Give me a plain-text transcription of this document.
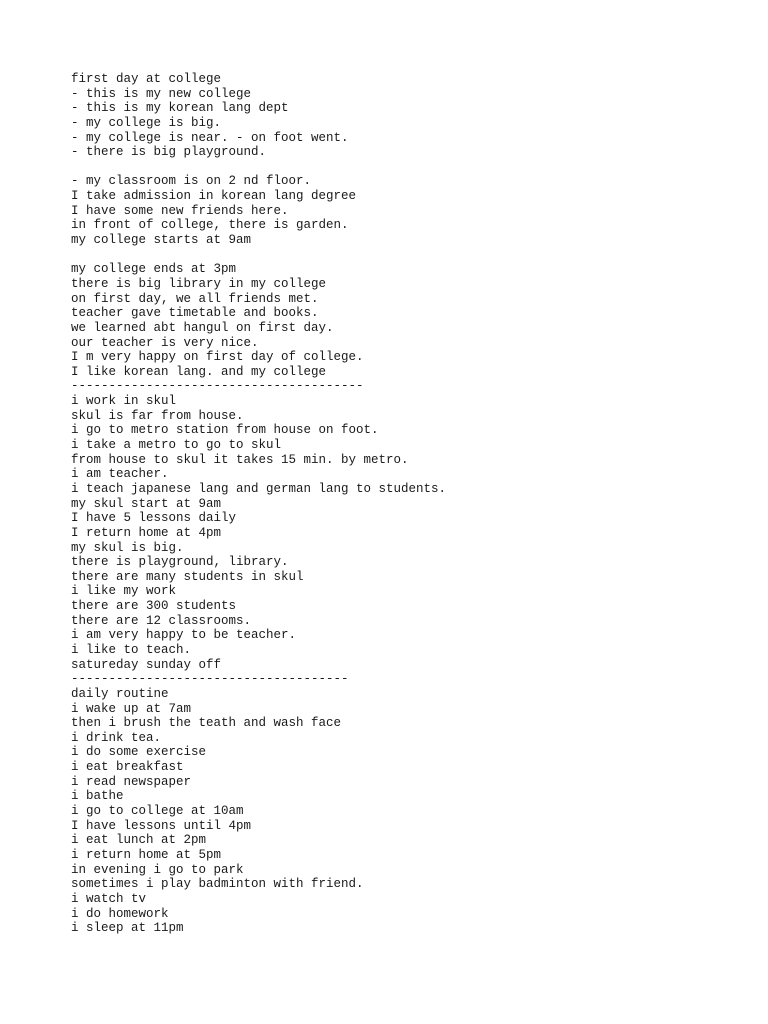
first day at college
- this is my new college
- this is my korean lang dept
- my college is big.
- my college is near. - on foot went.
- there is big playground.
- my classroom is on 2 nd floor.
I take admission in korean lang degree
I have some new friends here.
in front of college, there is garden.
my college starts at 9am
my college ends at 3pm
there is big library in my college
on first day, we all friends met.
teacher gave timetable and books.
we learned abt hangul on first day.
our teacher is very nice.
I m very happy on first day of college.
I like korean lang. and my college
---------------------------------------
i work in skul
skul is far from house.
i go to metro station from house on foot.
i take a metro to go to skul
from house to skul it takes 15 min. by metro.
i am teacher.
i teach japanese lang and german lang to students.
my skul start at 9am
I have 5 lessons daily
I return home at 4pm
my skul is big.
there is playground, library.
there are many students in skul
i like my work
there are 300 students
there are 12 classrooms.
i am very happy to be teacher.
i like to teach.
satureday sunday off
-------------------------------------
daily routine
i wake up at 7am
then i brush the teath and wash face
i drink tea.
i do some exercise
i eat breakfast
i read newspaper
i bathe
i go to college at 10am
I have lessons until 4pm
i eat lunch at 2pm
i return home at 5pm
in evening i go to park
sometimes i play badminton with friend.
i watch tv
i do homework
i sleep at 11pm
